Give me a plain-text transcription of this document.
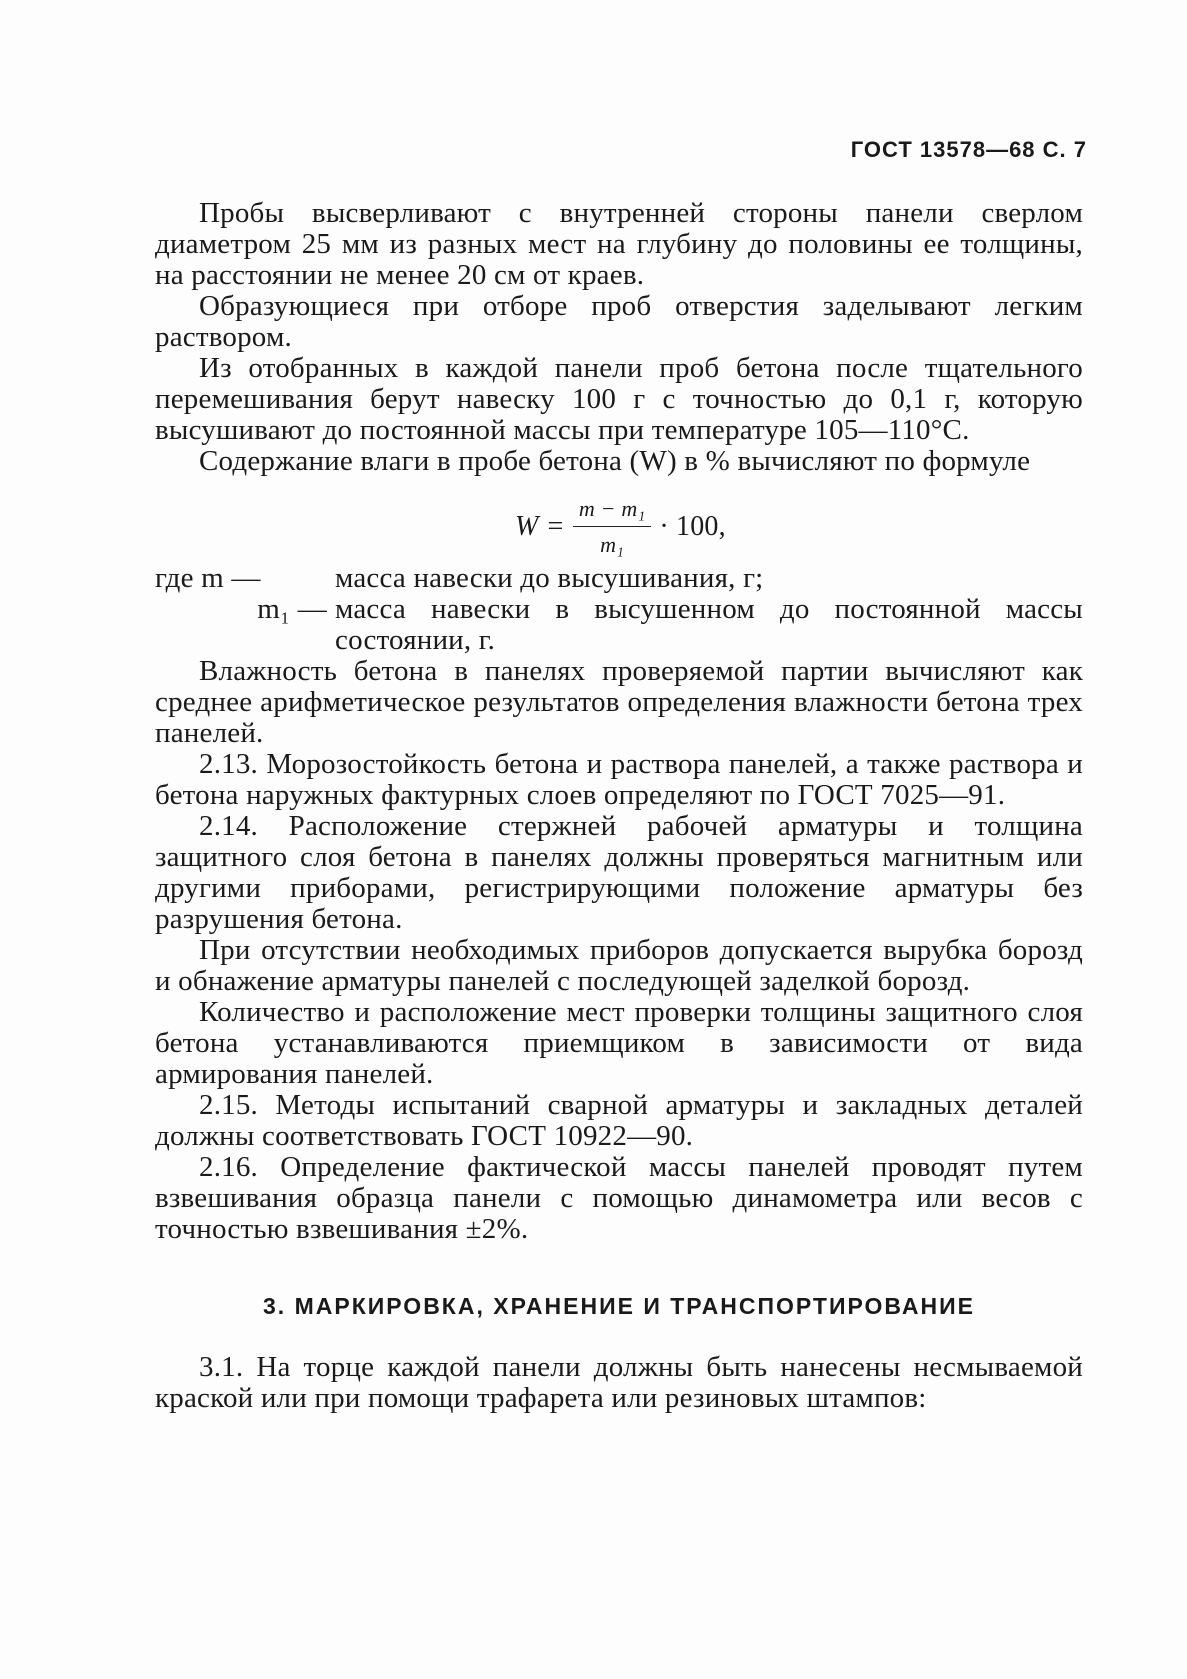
ГОСТ 13578—68 С. 7

Пробы высверливают с внутренней стороны панели сверлом диаметром 25 мм из разных мест на глубину до половины ее толщины, на расстоянии не менее 20 см от краев.

Образующиеся при отборе проб отверстия заделывают легким раствором.

Из отобранных в каждой панели проб бетона после тщательного перемешивания берут навеску 100 г с точностью до 0,1 г, которую высушивают до постоянной массы при температуре 105—110°С.

Содержание влаги в пробе бетона (W) в % вычисляют по формуле

$W = \frac{\text{m − m₁}}{\text{m₁}} \cdot 100$,
где m —	масса навески до высушивания, г;
m₁ — масса навески в высушенном до постоянной массы состоянии, г.

Влажность бетона в панелях проверяемой партии вычисляют как среднее арифметическое результатов определения влажности бетона трех панелей.

2.13. Морозостойкость бетона и раствора панелей, а также раствора и бетона наружных фактурных слоев определяют по ГОСТ 7025—91.

2.14. Расположение стержней рабочей арматуры и толщина защитного слоя бетона в панелях должны проверяться магнитным или другими приборами, регистрирующими положение арматуры без разрушения бетона.

При отсутствии необходимых приборов допускается вырубка борозд и обнажение арматуры панелей с последующей заделкой борозд.

Количество и расположение мест проверки толщины защитного слоя бетона устанавливаются приемщиком в зависимости от вида армирования панелей.

2.15. Методы испытаний сварной арматуры и закладных деталей должны соответствовать ГОСТ 10922—90.

2.16. Определение фактической массы панелей проводят путем взвешивания образца панели с помощью динамометра или весов с точностью взвешивания ±2%.

3. МАРКИРОВКА, ХРАНЕНИЕ И ТРАНСПОРТИРОВАНИЕ

3.1. На торце каждой панели должны быть нанесены несмываемой краской или при помощи трафарета или резиновых штампов:
